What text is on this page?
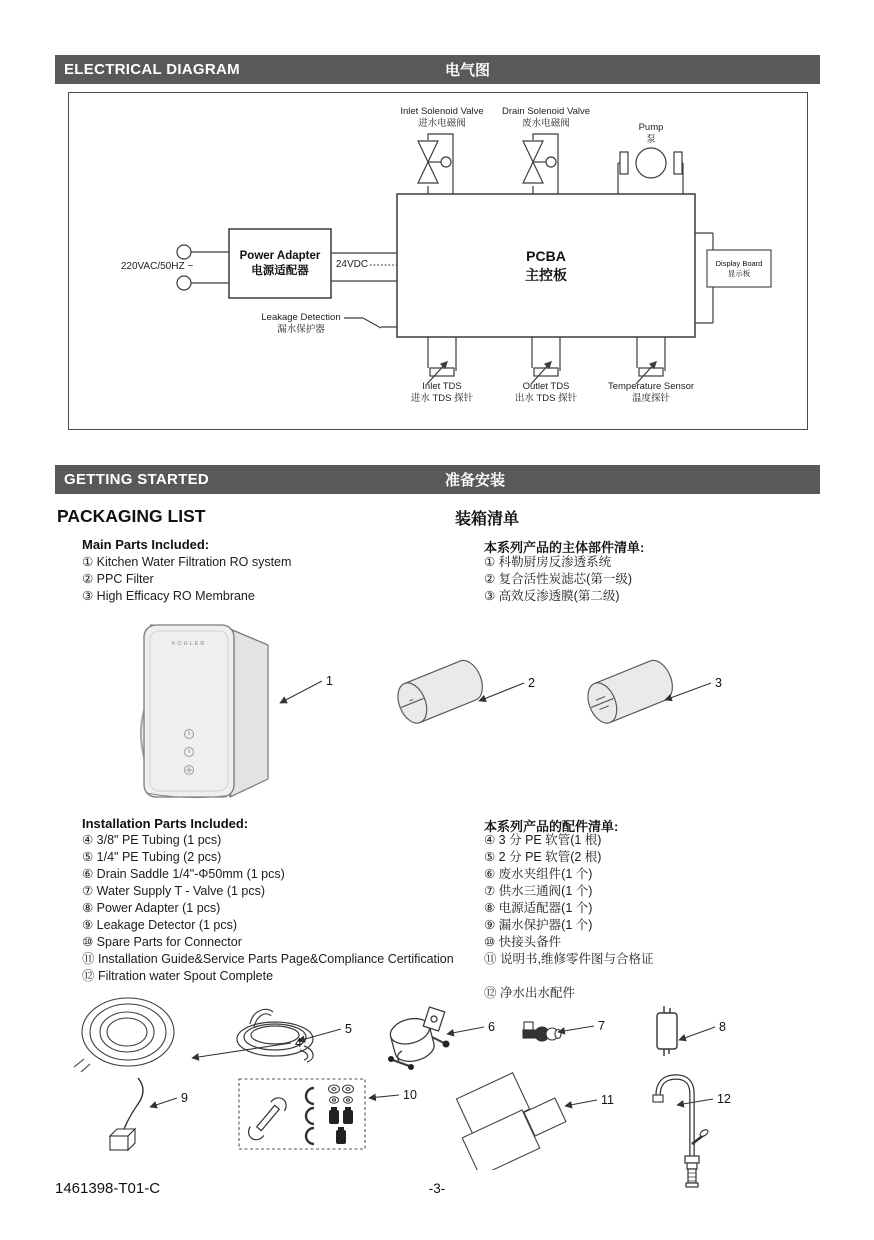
ELECTRICAL DIAGRAM	电气图
Inlet Solenoid Valve
进水电磁阀
Drain Solenoid Valve
废水电磁阀	Pump
泵
Power Adapter
电源适配器
220VAC/50HZ ~	24VDC
PCBA
主控板
Display Board
显示板
Leakage Detection
漏水保护器
Inlet TDS
进水 TDS 探针
Outlet TDS
出水 TDS 探针
Temperature Sensor
温度探针
GETTING STARTED	准备安装
PACKAGING LIST	装箱清单
Main Parts Included:	本系列产品的主体部件清单:
① Kitchen Water Filtration RO system
② PPC Filter
③ High Efficacy RO Membrane
① 科勒厨房反渗透系统
② 复合活性炭滤芯(第一级)
③ 高效反渗透膜(第二级)
KOHLER
Installation Parts Included:	本系列产品的配件清单:
④ 3/8" PE Tubing (1 pcs)
⑤ 1/4" PE Tubing (2 pcs)
⑥ Drain Saddle 1/4"-Φ50mm (1 pcs)
⑦ Water Supply T - Valve (1 pcs)
⑧ Power Adapter (1 pcs)
⑨ Leakage Detector (1 pcs)
⑩ Spare Parts for Connector
⑪ Installation Guide&Service Parts Page&Compliance Certification
⑫ Filtration water Spout Complete
④ 3 分 PE 软管(1 根)
⑤ 2 分 PE 软管(2 根)
⑥ 废水夹组件(1 个)
⑦ 供水三通阀(1 个)
⑧ 电源适配器(1 个)
⑨ 漏水保护器(1 个)
⑩ 快接头备件
⑪ 说明书,维修零件图与合格证
⑫ 净水出水配件
1	2	3
4
5	6	7	8
9	10	11	12
1461398-T01-C	-3-
